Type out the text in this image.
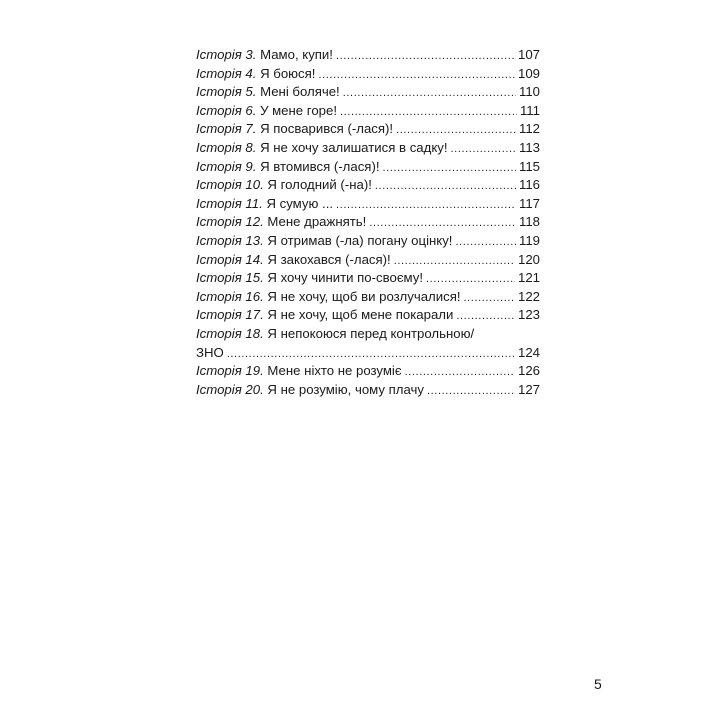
Історія 3. Мамо, купи! .....	107
Історія 4. Я боюся! .....	109
Історія 5. Мені боляче! .....	110
Історія 6. У мене горе! .....	111
Історія 7. Я посварився (-лася)! .....	112
Історія 8. Я не хочу залишатися в садку! .....	113
Історія 9. Я втомився (-лася)! .....	115
Історія 10. Я голодний (-на)! .....	116
Історія 11. Я сумую ... .....	117
Історія 12. Мене дражнять! .....	118
Історія 13. Я отримав (-ла) погану оцінку! .....	119
Історія 14. Я закохався (-лася)! .....	120
Історія 15. Я хочу чинити по-своєму! .....	121
Історія 16. Я не хочу, щоб ви розлучалися! .....	122
Історія 17. Я не хочу, щоб мене покарали .....	123
Історія 18. Я непокоюся перед контрольною/
ЗНО .....	124
Історія 19. Мене ніхто не розуміє .....	126
Історія 20. Я не розумію, чому плачу .....	127
5
